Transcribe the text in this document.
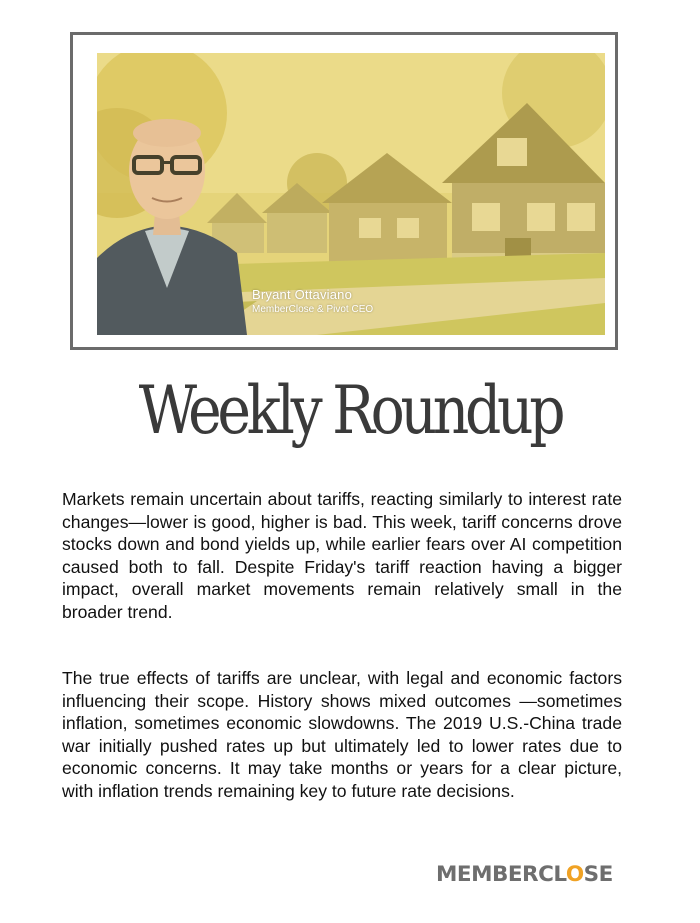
Bryant Ottaviano
MemberClose & Pivot CEO
Weekly Roundup

Markets remain uncertain about tariffs, reacting similarly to interest rate changes—lower is good, higher is bad. This week, tariff concerns drove stocks down and bond yields up, while earlier fears over AI competition caused both to fall. Despite Friday's tariff reaction having a bigger impact, overall market movements remain relatively small in the broader trend.

The true effects of tariffs are unclear, with legal and economic factors influencing their scope. History shows mixed outcomes —sometimes inflation, sometimes economic slowdowns. The 2019 U.S.-China trade war initially pushed rates up but ultimately led to lower rates due to economic concerns. It may take months or years for a clear picture, with inflation trends remaining key to future rate decisions.

MEMBERCLOSE
